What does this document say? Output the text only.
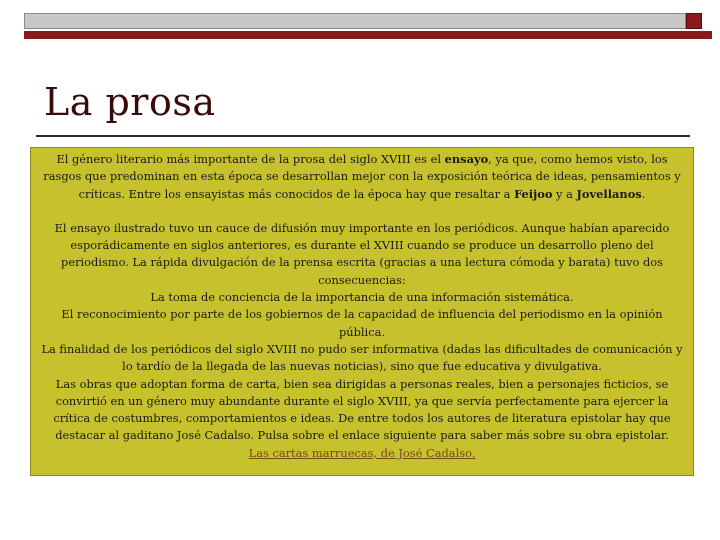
La prosa

El género literario más importante de la prosa del siglo XVIII es el ensayo, ya que, como hemos visto, los rasgos que predominan en esta época se desarrollan mejor con la exposición teórica de ideas, pensamientos y críticas. Entre los ensayistas más conocidos de la época hay que resaltar a Feijoo y a Jovellanos.

El ensayo ilustrado tuvo un cauce de difusión muy importante en los periódicos. Aunque habían aparecido esporádicamente en siglos anteriores, es durante el XVIII cuando se produce un desarrollo pleno del periodismo. La rápida divulgación de la prensa escrita (gracias a una lectura cómoda y barata) tuvo dos consecuencias:

La toma de conciencia de la importancia de una información sistemática.

El reconocimiento por parte de los gobiernos de la capacidad de influencia del periodismo en la opinión pública.

La finalidad de los periódicos del siglo XVIII no pudo ser informativa (dadas las dificultades de comunicación y lo tardío de la llegada de las nuevas noticias), sino que fue educativa y divulgativa.

Las obras que adoptan forma de carta, bien sea dirigidas a personas reales, bien a personajes ficticios, se convirtió en un género muy abundante durante el siglo XVIII, ya que servía perfectamente para ejercer la crítica de costumbres, comportamientos e ideas. De entre todos los autores de literatura epistolar hay que destacar al gaditano José Cadalso. Pulsa sobre el enlace siguiente para saber más sobre su obra epistolar.

Las cartas marruecas, de José Cadalso.
